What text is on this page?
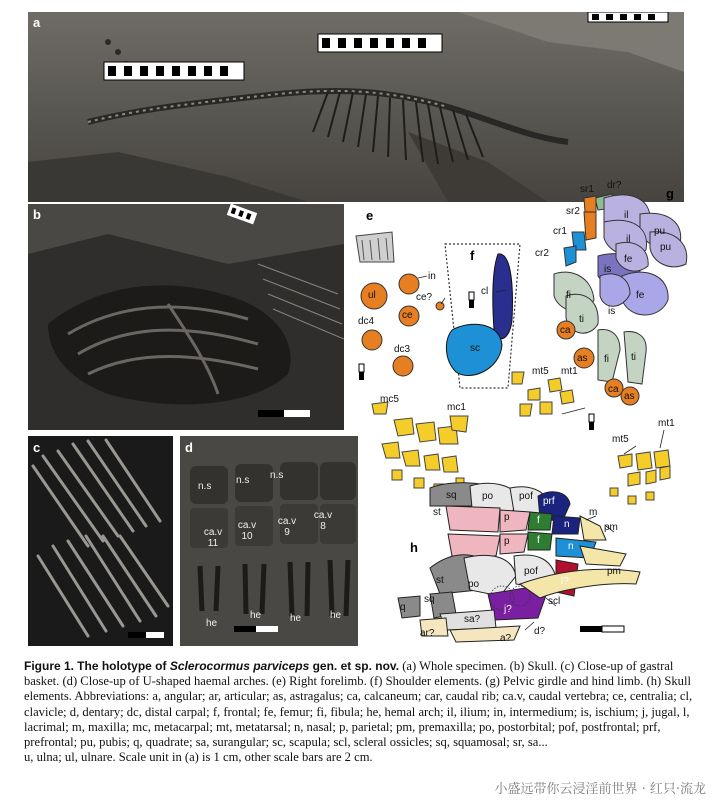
a
b
c	d
n.s
n.s n.s
ca.v
11
ca.v
10
ca.v
9
ca.v
8
he
he	he	he
e
f
g
h
in
ul	ce?
ce
dc4
dc3
mc5
mc1
cl
sc
dr?
sr1
sr2
cr1
cr2
il
il
pu
pu
fe
fe
is
is
fi
fi
ti
ti
ca
ca
as
as
mt5
mt5
mt1
mt1
sq	po	pof prf
st	p	f
m
pm
n
p	f
n
pm
pof
l?
st po
sq	scl
j?
q
sa?
ar?	a?
d?
Figure 1. The holotype of Sclerocormus parviceps gen. et sp. nov. (a) Whole specimen. (b) Skull. (c) Close-up of gastral basket. (d) Close-up of U-shaped haemal arches. (e) Right forelimb. (f) Shoulder elements. (g) Pelvic girdle and hind limb. (h) Skull elements. Abbreviations: a, angular; ar, articular; as, astragalus; ca, calcaneum; car, caudal rib; ca.v, caudal vertebra; ce, centralia; cl, clavicle; d, dentary; dc, distal carpal; f, frontal; fe, femur; fi, fibula; he, hemal arch; il, ilium; in, intermedium; is, ischium; j, jugal, l, lacrimal; m, maxilla; mc, metacarpal; mt, metatarsal; n, nasal; p, parietal; pm, premaxilla; po, postorbital; pof, postfrontal; prf, prefrontal; pu, pubis; q, quadrate; sa, surangular; sc, scapula; scl, scleral ossicles; sq, squamosal; sr, sa...
u, ulna; ul, ulnare. Scale unit in (a) is 1 cm, other scale bars are 2 cm.
小盛远带你云浸淫前世界 · 红只·流龙
